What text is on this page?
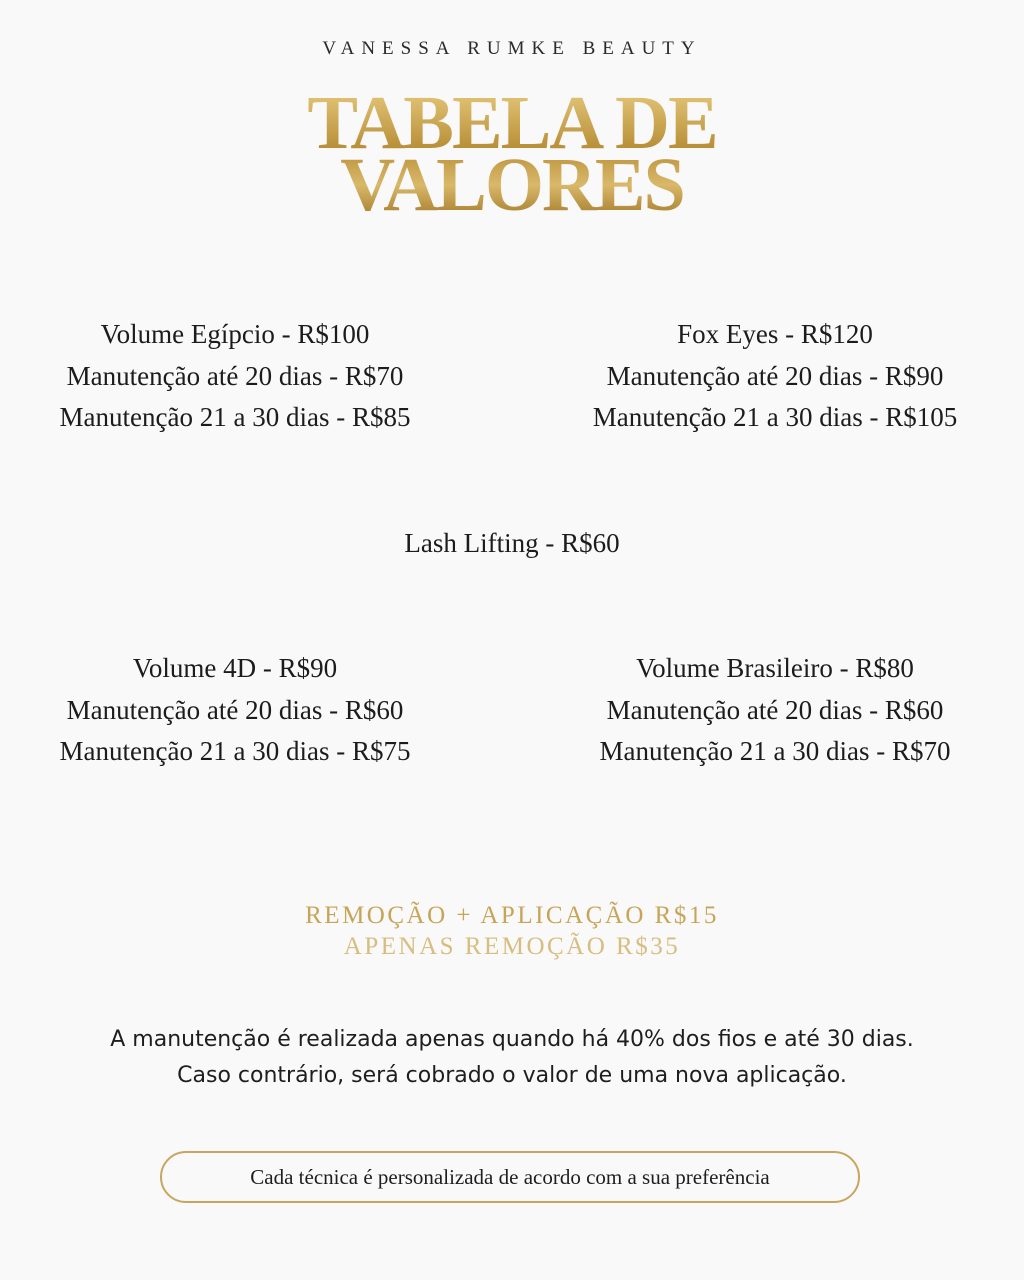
VANESSA RUMKE BEAUTY
TABELA DE
VALORES
Volume Egípcio - R$100
Manutenção até 20 dias - R$70
Manutenção 21 a 30 dias - R$85
Fox Eyes - R$120
Manutenção até 20 dias - R$90
Manutenção 21 a 30 dias - R$105
Lash Lifting - R$60
Volume 4D - R$90
Manutenção até 20 dias - R$60
Manutenção 21 a 30 dias - R$75
Volume Brasileiro - R$80
Manutenção até 20 dias - R$60
Manutenção 21 a 30 dias - R$70
REMOÇÃO + APLICAÇÃO R$15
APENAS REMOÇÃO R$35
A manutenção é realizada apenas quando há 40% dos fios e até 30 dias.
Caso contrário, será cobrado o valor de uma nova aplicação.
Cada técnica é personalizada de acordo com a sua preferência
